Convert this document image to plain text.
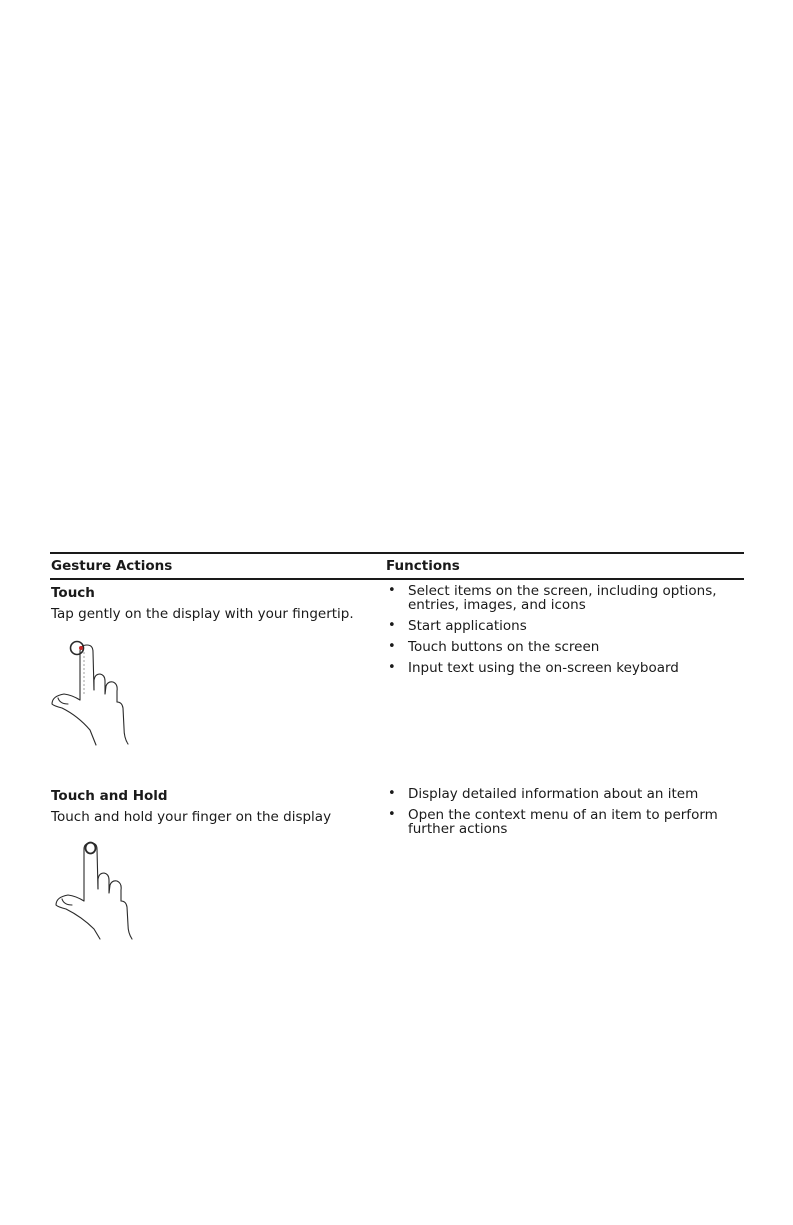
Gesture Actions	Functions
Touch
Tap gently on the display with your fingertip.
• Select items on the screen, including options, entries, images, and icons
• Start applications
• Touch buttons on the screen
• Input text using the on-screen keyboard
Touch and Hold
Touch and hold your finger on the display
• Display detailed information about an item
• Open the context menu of an item to perform further actions
